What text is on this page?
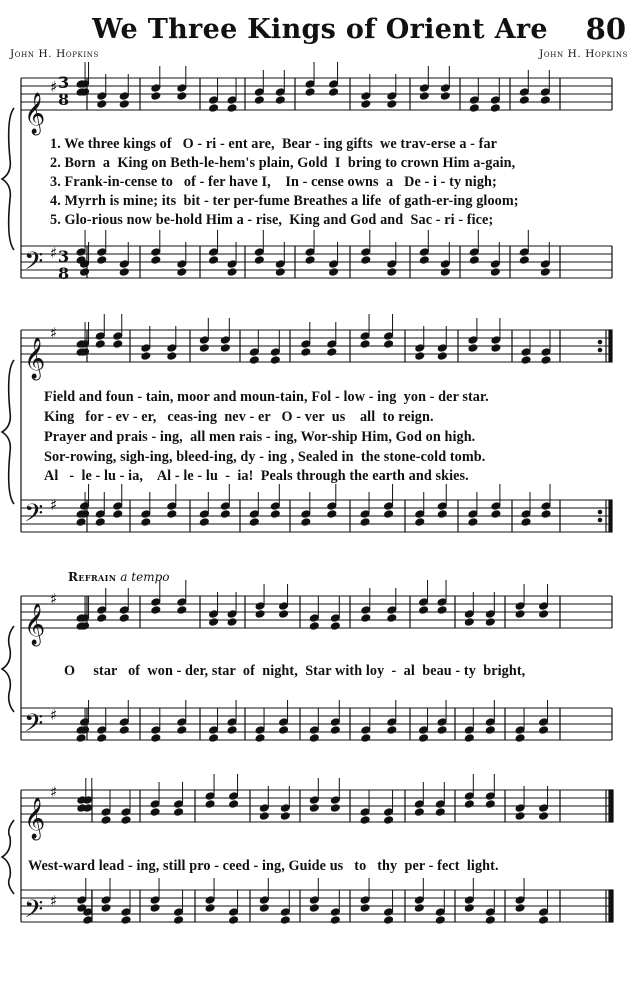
We Three Kings of Orient Are	80
John H. Hopkins	John H. Hopkins
𝄞
𝄢
𝄞
𝄢
𝄞
𝄢
𝄞
𝄢
♯
♯
♯
♯
♯
♯
♯
♯
3
8
3
8
1. We three kings of   O - ri - ent are,  Bear - ing gifts  we trav-erse a - far
2. Born  a  King on Beth-le-hem's plain, Gold  I  bring to crown Him a-gain,
3. Frank-in-cense to   of - fer have I,    In - cense owns  a   De - i - ty nigh;
4. Myrrh is mine; its  bit - ter per-fume Breathes a life  of gath-er-ing gloom;
5. Glo-rious now be-hold Him a - rise,  King and God and  Sac - ri - fice;
Field and foun - tain, moor and moun-tain, Fol - low - ing  yon - der star.
King   for - ev - er,   ceas-ing  nev - er   O - ver  us    all  to reign.
Prayer and prais - ing,  all men rais - ing, Wor-ship Him, God on high.
Sor-rowing, sigh-ing, bleed-ing, dy - ing , Sealed in  the stone-cold tomb.
Al   -  le - lu - ia,    Al - le - lu  -  ia!  Peals through the earth and skies.
Refrain a tempo
O     star   of  won - der, star  of  night,  Star with loy  -  al  beau - ty  bright,
West-ward lead - ing, still pro - ceed - ing, Guide us   to   thy  per - fect  light.
